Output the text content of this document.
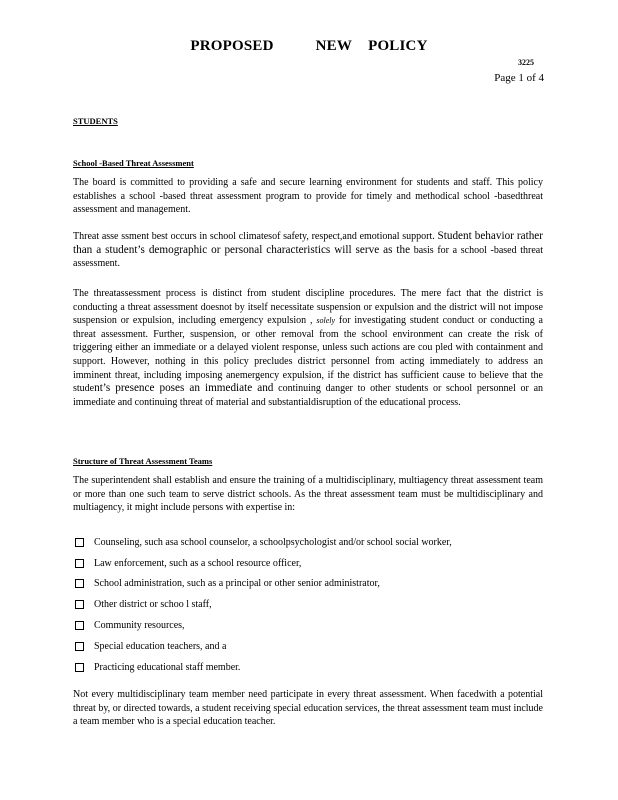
PROPOSED	NEW POLICY
3225
Page 1 of 4
STUDENTS
School -Based Threat Assessment
The board is committed to providing a safe and secure learning environment for students and staff. This policy establishes a school -based threat assessment program to provide for timely and methodical school -basedthreat assessment and management.
Threat asse ssment best occurs in school climatesof safety, respect,and emotional support. Student behavior rather than a student’s demographic or personal characteristics will serve as the basis for a school -based threat assessment.
The threatassessment process is distinct from student discipline procedures. The mere fact that the district is conducting a threat assessment doesnot by itself necessitate suspension or expulsion and the district will not impose suspension or expulsion, including emergency expulsion , solely for investigating student conduct or conducting a threat assessment. Further, suspension, or other removal from the school environment can create the risk of triggering either an immediate or a delayed violent response, unless such actions are cou pled with containment and support. However, nothing in this policy precludes district personnel from acting immediately to address an imminent threat, including imposing anemergency expulsion, if the district has sufficient cause to believe that the student’s presence poses an immediate and continuing danger to other students or school personnel or an immediate and continuing threat of material and substantialdisruption of the educational process.
Structure of Threat Assessment Teams
The superintendent shall establish and ensure the training of a multidisciplinary, multiagency threat assessment team or more than one such team to serve district schools. As the threat assessment team must be multidisciplinary and multiagency, it might include persons with expertise in:
Counseling, such asa school counselor, a schoolpsychologist and/or school social worker,
Law enforcement, such as a school resource officer,
School administration, such as a principal or other senior administrator,
Other district or schoo l staff,
Community resources,
Special education teachers, and a
Practicing educational staff member.
Not every multidisciplinary team member need participate in every threat assessment. When facedwith a potential threat by, or directed towards, a student receiving special education services, the threat assessment team must include a team member who is a special education teacher.
